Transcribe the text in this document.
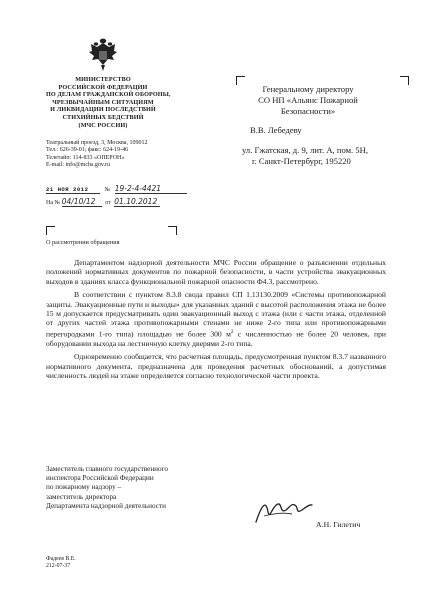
МИНИСТЕРСТВО
РОССИЙСКОЙ ФЕДЕРАЦИИ
ПО ДЕЛАМ ГРАЖДАНСКОЙ ОБОРОНЫ,
ЧРЕЗВЫЧАЙНЫМ СИТУАЦИЯМ
И ЛИКВИДАЦИИ ПОСЛЕДСТВИЙ
СТИХИЙНЫХ БЕДСТВИЙ
(МЧС РОССИИ)
Театральный проезд, 3, Москва, 109012
Тел.: 626-39-01; факс: 624-19-46
Телетайп: 114-833 «ОПЕРОН»
E-mail: info@mchs.gov.ru
21 НОЯ 2012	№ 19-2-4-4421
На № 04/10/12 от 01.10.2012
Генеральному директору
СО НП «Альянс Пожарной
Безопасности»
В.В. Лебедеву
ул. Гжатская, д. 9, лит. А, пом. 5Н,
г. Санкт-Петербург, 195220
О рассмотрении обращения

Департаментом надзорной деятельности МЧС России обращение о разъяснении отдельных положений нормативных документов по пожарной безопасности, в части устройства эвакуационных выходов в зданиях класса функциональной пожарной опасности Ф4.3, рассмотрено.

В соответствии с пунктом 8.3.8 свода правил СП 1.13130.2009 «Системы противопожарной защиты. Эвакуационные пути и выходы» для указанных зданий с высотой расположения этажа не более 15 м допускается предусматривать один эвакуационный выход с этажа (или с части этажа, отделенной от других частей этажа противопожарными стенами не ниже 2-го типа или противопожарными перегородками 1-го типа) площадью не более 300 $м^2$ с численностью не более 20 человек, при оборудовании выхода на лестничную клетку дверями 2-го типа.

Одновременно сообщается, что расчетная площадь, предусмотренная пунктом 8.3.7 названного нормативного документа, предназначена для проведения расчетных обоснований, а допустимая численность людей на этаже определяется согласно технологической части проекта.

Заместитель главного государственного
инспектора Российской Федерации
по пожарному надзору –
заместитель директора
Департамента надзорной деятельности
А.Н. Гилетич
Фадеев В.Е.
212-07-37
